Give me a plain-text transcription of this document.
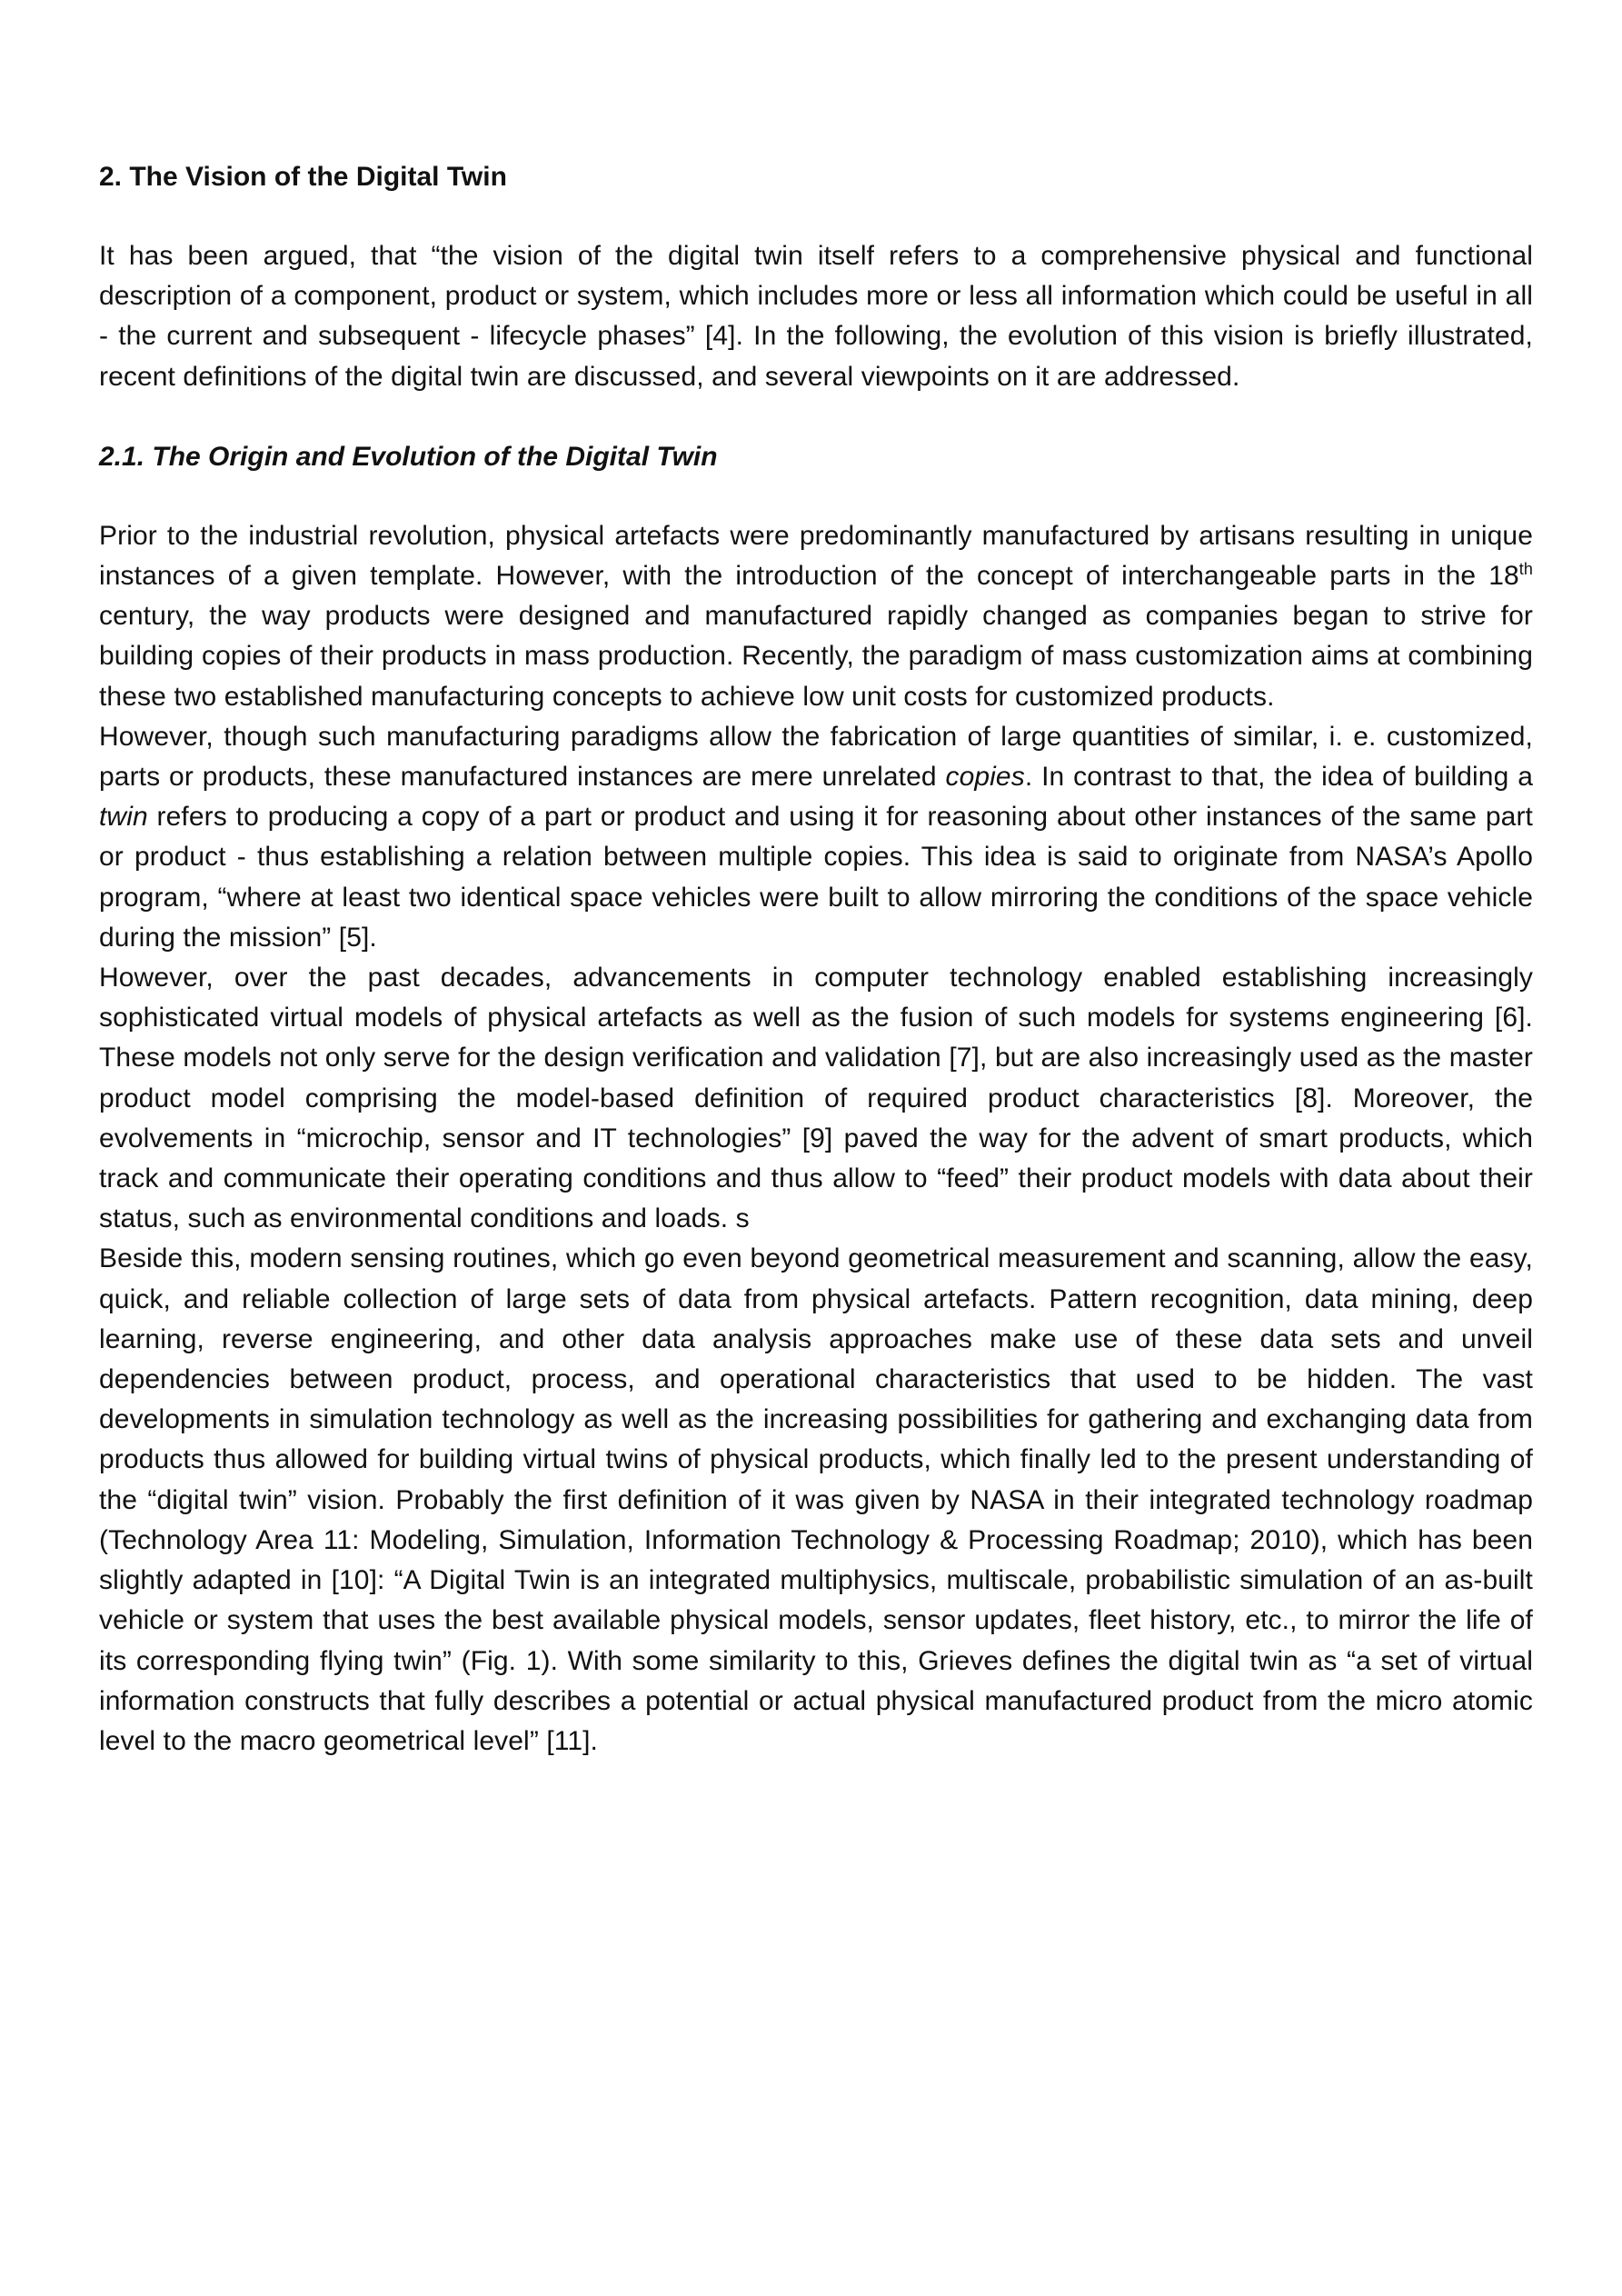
2. The Vision of the Digital Twin

It has been argued, that “the vision of the digital twin itself refers to a comprehensive physical and functional description of a component, product or system, which includes more or less all information which could be useful in all - the current and subsequent - lifecycle phases” [4]. In the following, the evolution of this vision is briefly illustrated, recent definitions of the digital twin are discussed, and several viewpoints on it are addressed.

2.1. The Origin and Evolution of the Digital Twin

Prior to the industrial revolution, physical artefacts were predominantly manufactured by artisans resulting in unique instances of a given template. However, with the introduction of the concept of interchangeable parts in the 18th century, the way products were designed and manufactured rapidly changed as companies began to strive for building copies of their products in mass production. Recently, the paradigm of mass customization aims at combining these two established manufacturing concepts to achieve low unit costs for customized products.

However, though such manufacturing paradigms allow the fabrication of large quantities of similar, i. e. customized, parts or products, these manufactured instances are mere unrelated copies. In contrast to that, the idea of building a twin refers to producing a copy of a part or product and using it for reasoning about other instances of the same part or product - thus establishing a relation between multiple copies. This idea is said to originate from NASA’s Apollo program, “where at least two identical space vehicles were built to allow mirroring the conditions of the space vehicle during the mission” [5].

However, over the past decades, advancements in computer technology enabled establishing increasingly sophisticated virtual models of physical artefacts as well as the fusion of such models for systems engineering [6]. These models not only serve for the design verification and validation [7], but are also increasingly used as the master product model comprising the model-based definition of required product characteristics [8]. Moreover, the evolvements in “microchip, sensor and IT technologies” [9] paved the way for the advent of smart products, which track and communicate their operating conditions and thus allow to “feed” their product models with data about their status, such as environmental conditions and loads. s

Beside this, modern sensing routines, which go even beyond geometrical measurement and scanning, allow the easy, quick, and reliable collection of large sets of data from physical artefacts. Pattern recognition, data mining, deep learning, reverse engineering, and other data analysis approaches make use of these data sets and unveil dependencies between product, process, and operational characteristics that used to be hidden. The vast developments in simulation technology as well as the increasing possibilities for gathering and exchanging data from products thus allowed for building virtual twins of physical products, which finally led to the present understanding of the “digital twin” vision. Probably the first definition of it was given by NASA in their integrated technology roadmap (Technology Area 11: Modeling, Simulation, Information Technology & Processing Roadmap; 2010), which has been slightly adapted in [10]: “A Digital Twin is an integrated multiphysics, multiscale, probabilistic simulation of an as-built vehicle or system that uses the best available physical models, sensor updates, fleet history, etc., to mirror the life of its corresponding flying twin” (Fig. 1). With some similarity to this, Grieves defines the digital twin as “a set of virtual information constructs that fully describes a potential or actual physical manufactured product from the micro atomic level to the macro geometrical level” [11].
